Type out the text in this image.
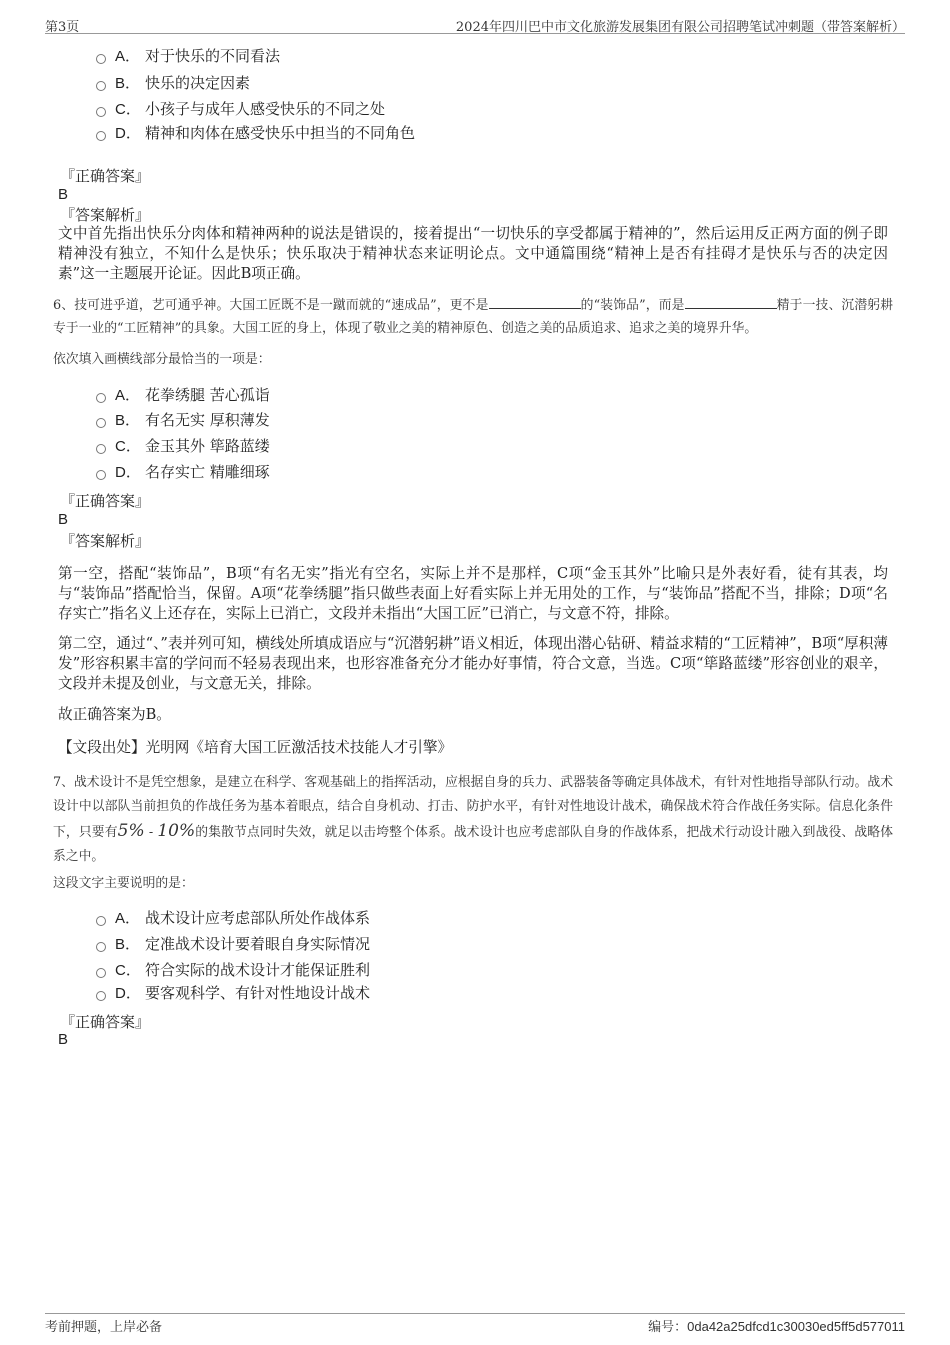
第3页	2024年四川巴中市文化旅游发展集团有限公司招聘笔试冲刺题（带答案解析）
A． 对于快乐的不同看法
B． 快乐的决定因素
C． 小孩子与成年人感受快乐的不同之处
D． 精神和肉体在感受快乐中担当的不同角色
『正确答案』
B
『答案解析』
文中首先指出快乐分肉体和精神两种的说法是错误的，接着提出“一切快乐的享受都属于精神的”，然后运用反正两方面的例子即精神没有独立，不知什么是快乐；快乐取决于精神状态来证明论点。文中通篇围绕“精神上是否有挂碍才是快乐与否的决定因素”这一主题展开论证。因此B项正确。
6、技可进乎道，艺可通乎神。大国工匠既不是一蹴而就的“速成品”，更不是	的“装饰品”，而是	精于一技、沉潜躬耕专于一业的“工匠精神”的具象。大国工匠的身上，体现了敬业之美的精神原色、创造之美的品质追求、追求之美的境界升华。
依次填入画横线部分最恰当的一项是：
A． 花拳绣腿 苦心孤诣
B． 有名无实 厚积薄发
C． 金玉其外 筚路蓝缕
D． 名存实亡 精雕细琢
『正确答案』
B
『答案解析』
第一空，搭配“装饰品”，B项“有名无实”指光有空名，实际上并不是那样，C项“金玉其外”比喻只是外表好看，徒有其表，均与“装饰品”搭配恰当，保留。A项“花拳绣腿”指只做些表面上好看实际上并无用处的工作，与“装饰品”搭配不当，排除；D项“名存实亡”指名义上还存在，实际上已消亡，文段并未指出“大国工匠”已消亡，与文意不符，排除。
第二空，通过“、”表并列可知，横线处所填成语应与“沉潜躬耕”语义相近，体现出潜心钻研、精益求精的“工匠精神”，B项“厚积薄发”形容积累丰富的学问而不轻易表现出来，也形容准备充分才能办好事情，符合文意，当选。C项“筚路蓝缕”形容创业的艰辛，文段并未提及创业，与文意无关，排除。
故正确答案为B。
【文段出处】光明网《培育大国工匠激活技术技能人才引擎》
7、战术设计不是凭空想象，是建立在科学、客观基础上的指挥活动，应根据自身的兵力、武器装备等确定具体战术，有针对性地指导部队行动。战术设计中以部队当前担负的作战任务为基本着眼点，结合自身机动、打击、防护水平，有针对性地设计战术，确保战术符合作战任务实际。信息化条件下，只要有5% - 10%的集散节点同时失效，就足以击垮整个体系。战术设计也应考虑部队自身的作战体系，把战术行动设计融入到战役、战略体系之中。
这段文字主要说明的是：
A． 战术设计应考虑部队所处作战体系
B． 定准战术设计要着眼自身实际情况
C． 符合实际的战术设计才能保证胜利
D． 要客观科学、有针对性地设计战术
『正确答案』
B
考前押题，上岸必备	编号：0da42a25dfcd1c30030ed5ff5d577011
